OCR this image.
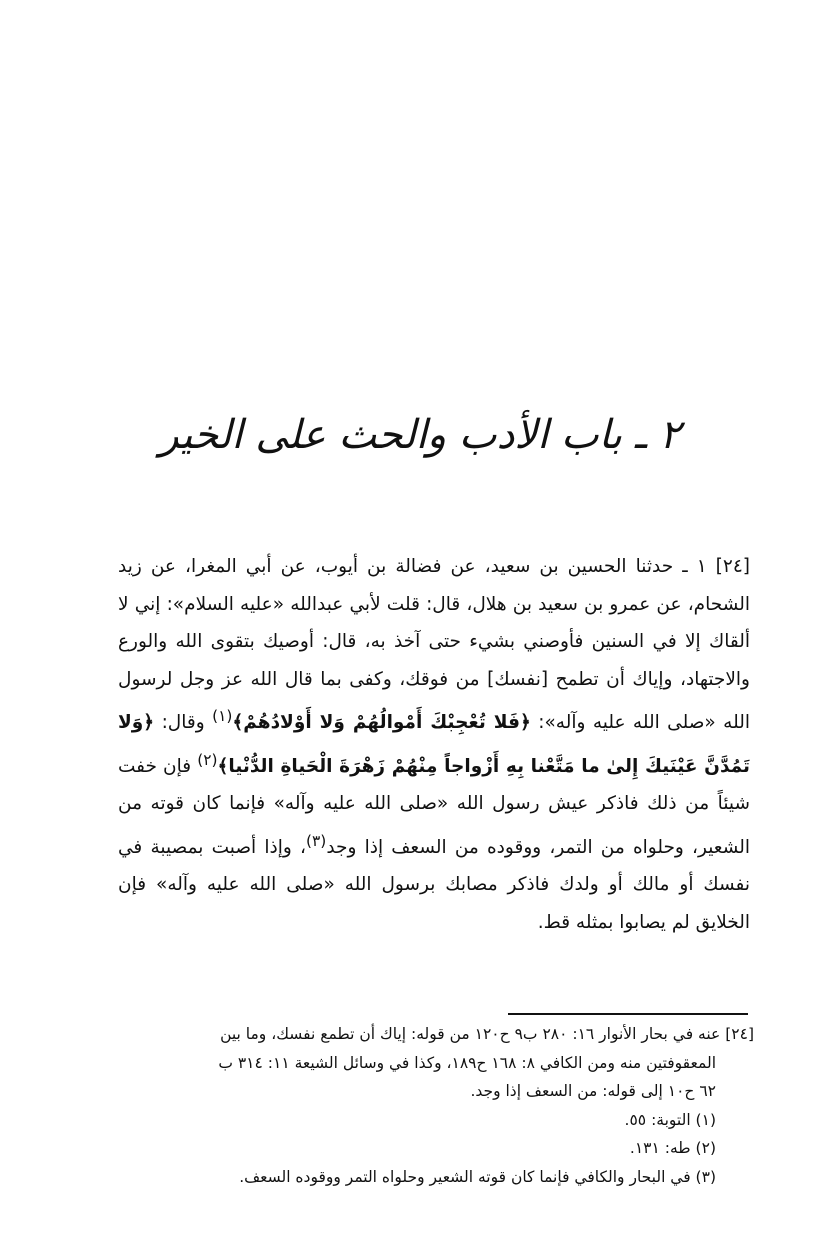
٢ ـ باب الأدب والحث على الخير

[٢٤] ١ ـ حدثنا الحسين بن سعيد، عن فضالة بن أيوب، عن أبي المغرا، عن زيد الشحام، عن عمرو بن سعيد بن هلال، قال: قلت لأبي عبدالله «عليه السلام»: إني لا ألقاك إلا في السنين فأوصني بشيء حتى آخذ به، قال: أوصيك بتقوى الله والورع والاجتهاد، وإياك أن تطمح [نفسك] من فوقك، وكفى بما قال الله عز وجل لرسول الله «صلى الله عليه وآله»: ﴿فَلا تُعْجِبْكَ أَمْوالُهُمْ وَلا أَوْلادُهُمْ﴾$^{(١)}$ وقال: ﴿وَلا تَمُدَّنَّ عَيْنَيكَ إِلىٰ ما مَتَّعْنا بِهِ أَزْواجاً مِنْهُمْ زَهْرَةَ الْحَياةِ الدُّنْيا﴾$^{(٢)}$ فإن خفت شيئاً من ذلك فاذكر عيش رسول الله «صلى الله عليه وآله» فإنما كان قوته من الشعير، وحلواه من التمر، ووقوده من السعف إذا وجد$^{(٣)}$، وإذا أصبت بمصيبة في نفسك أو مالك أو ولدك فاذكر مصابك برسول الله «صلى الله عليه وآله» فإن الخلايق لم يصابوا بمثله قط.

[٢٤] عنه في بحار الأنوار ١٦: ٢٨٠ ب٩ ح١٢٠ من قوله: إياك أن تطمع نفسك، وما بين
المعقوفتين منه ومن الكافي ٨: ١٦٨ ح١٨٩، وكذا في وسائل الشيعة ١١: ٣١٤ ب
٦٢ ح١٠ إلى قوله: من السعف إذا وجد.
(١) التوبة: ٥٥.
(٢) طه: ١٣١.
(٣) في البحار والكافي فإنما كان قوته الشعير وحلواه التمر ووقوده السعف.
